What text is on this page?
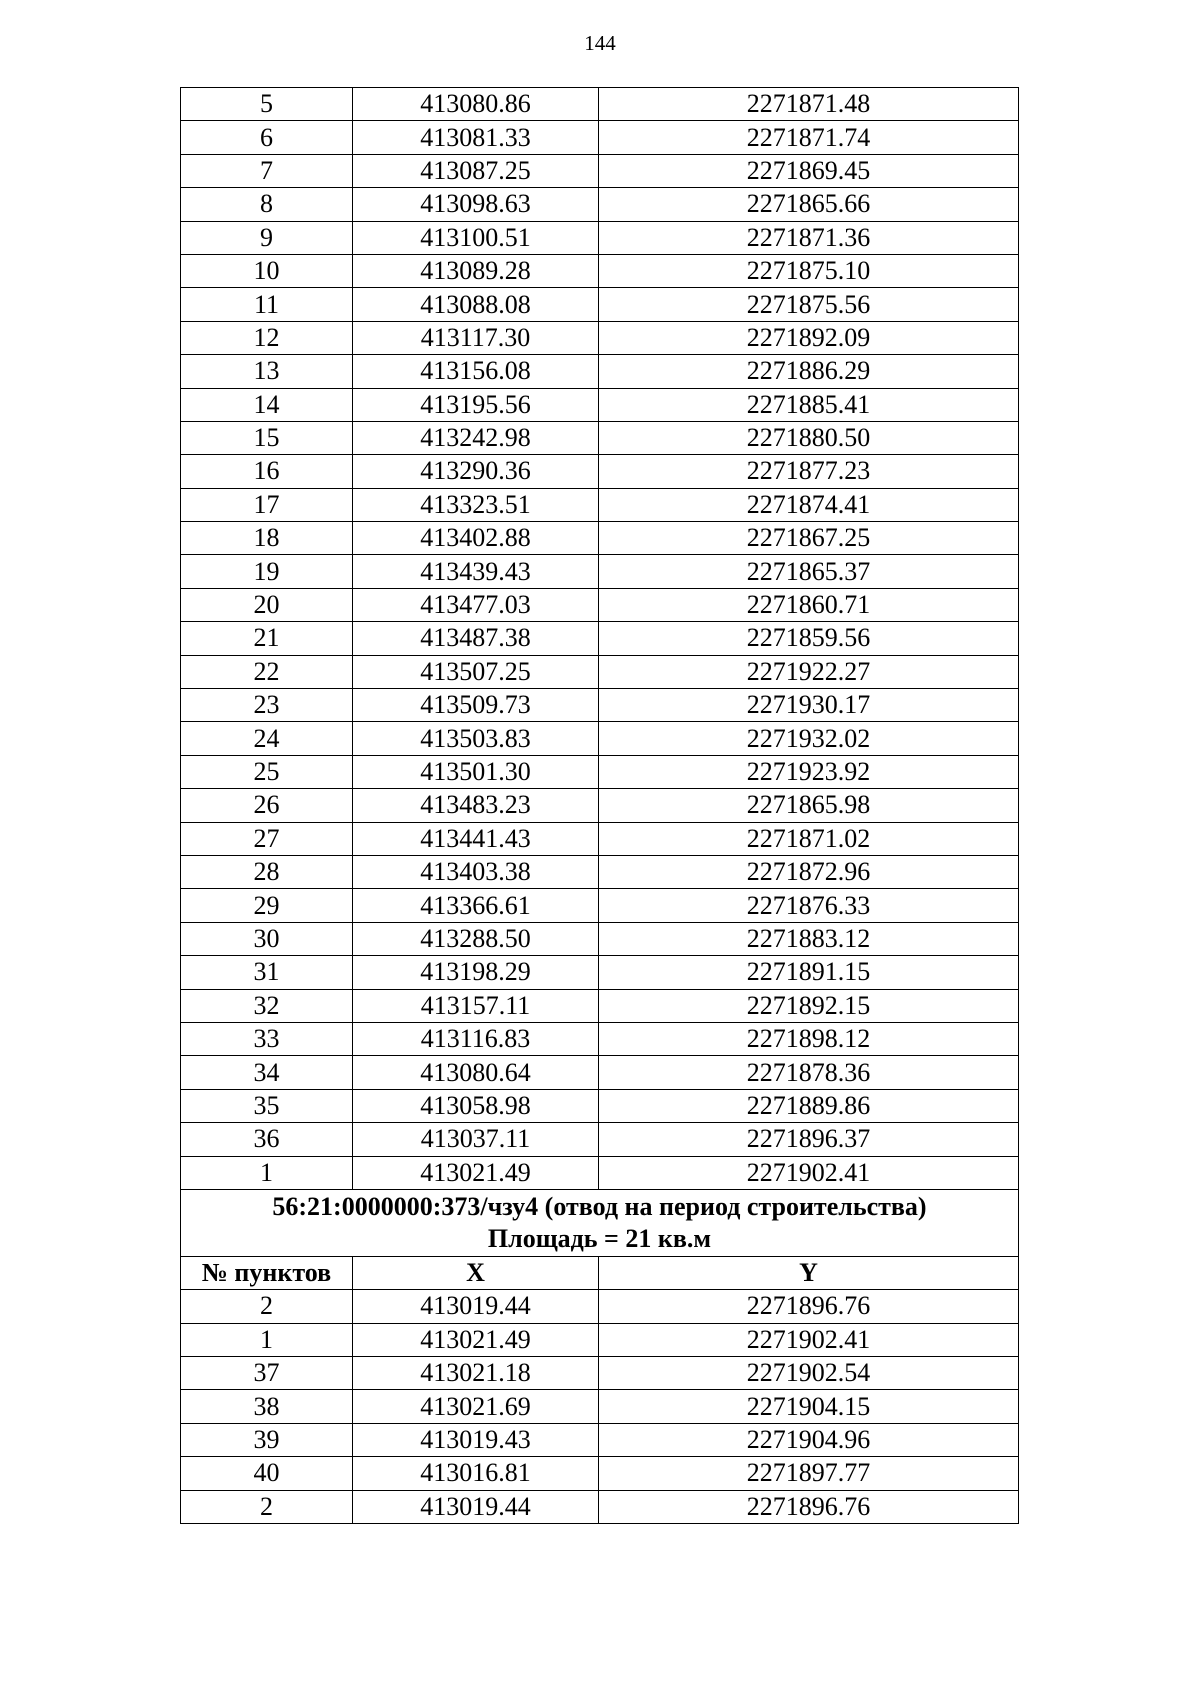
144
5	413080.86	2271871.48
6	413081.33	2271871.74
7	413087.25	2271869.45
8	413098.63	2271865.66
9	413100.51	2271871.36
10	413089.28	2271875.10
11	413088.08	2271875.56
12	413117.30	2271892.09
13	413156.08	2271886.29
14	413195.56	2271885.41
15	413242.98	2271880.50
16	413290.36	2271877.23
17	413323.51	2271874.41
18	413402.88	2271867.25
19	413439.43	2271865.37
20	413477.03	2271860.71
21	413487.38	2271859.56
22	413507.25	2271922.27
23	413509.73	2271930.17
24	413503.83	2271932.02
25	413501.30	2271923.92
26	413483.23	2271865.98
27	413441.43	2271871.02
28	413403.38	2271872.96
29	413366.61	2271876.33
30	413288.50	2271883.12
31	413198.29	2271891.15
32	413157.11	2271892.15
33	413116.83	2271898.12
34	413080.64	2271878.36
35	413058.98	2271889.86
36	413037.11	2271896.37
1	413021.49	2271902.41

56:21:0000000:373/чзу4 (отвод на период строительства)
Площадь = 21 кв.м		

№ пунктов	X	Y
2	413019.44	2271896.76
1	413021.49	2271902.41
37	413021.18	2271902.54
38	413021.69	2271904.15
39	413019.43	2271904.96
40	413016.81	2271897.77
2	413019.44	2271896.76
